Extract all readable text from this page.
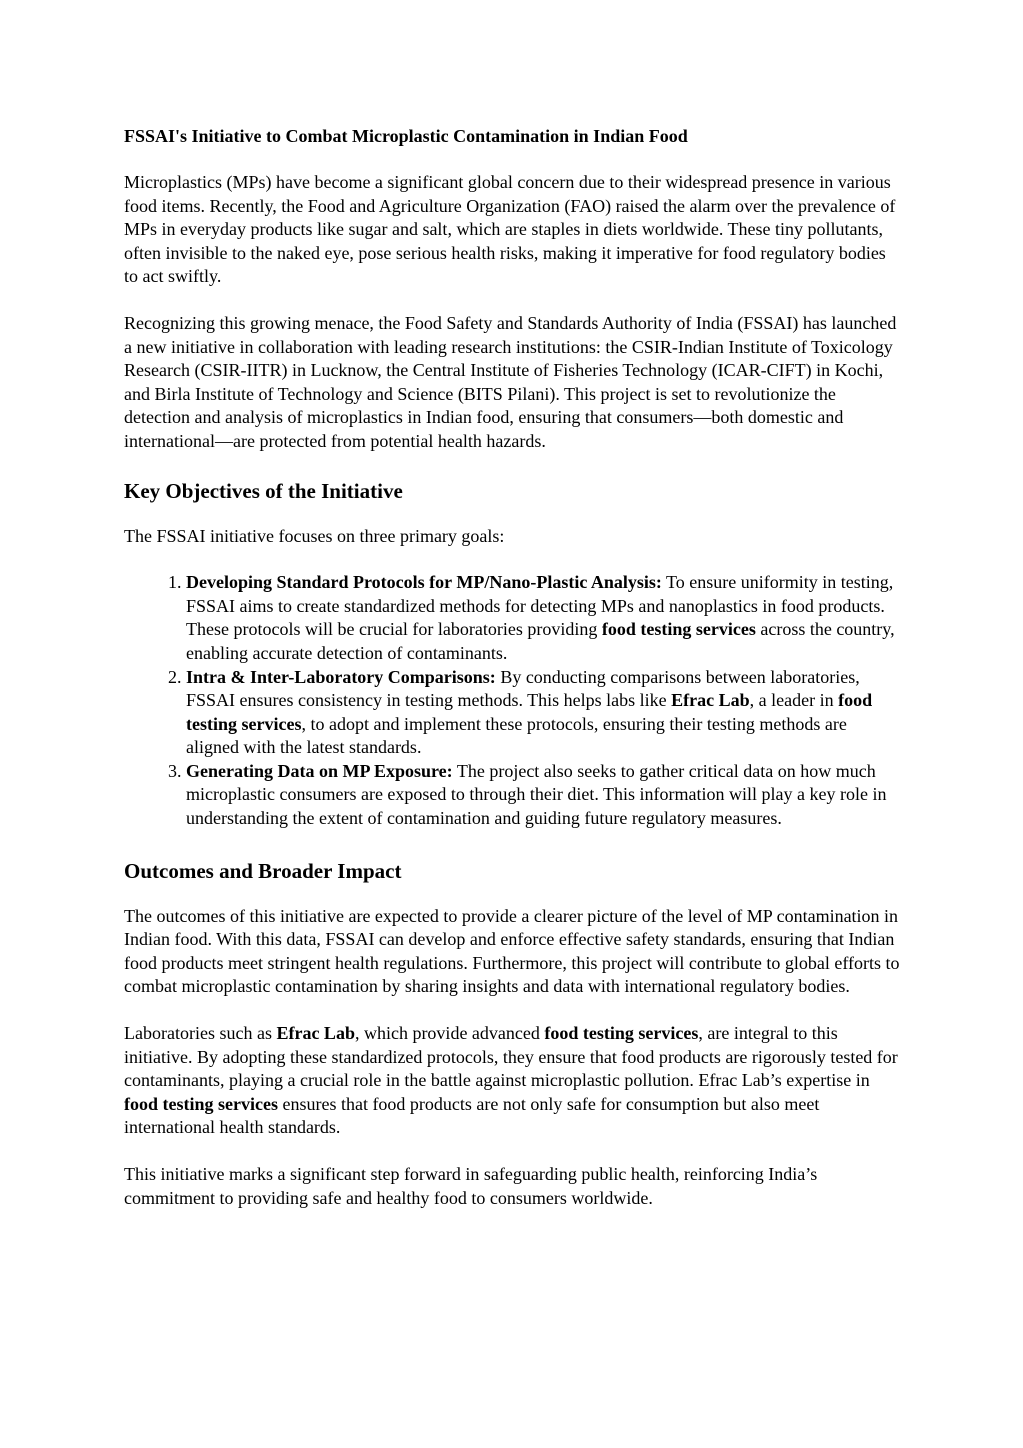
FSSAI's Initiative to Combat Microplastic Contamination in Indian Food

Microplastics (MPs) have become a significant global concern due to their widespread presence in various food items. Recently, the Food and Agriculture Organization (FAO) raised the alarm over the prevalence of MPs in everyday products like sugar and salt, which are staples in diets worldwide. These tiny pollutants, often invisible to the naked eye, pose serious health risks, making it imperative for food regulatory bodies to act swiftly.

Recognizing this growing menace, the Food Safety and Standards Authority of India (FSSAI) has launched a new initiative in collaboration with leading research institutions: the CSIR-Indian Institute of Toxicology Research (CSIR-IITR) in Lucknow, the Central Institute of Fisheries Technology (ICAR-CIFT) in Kochi, and Birla Institute of Technology and Science (BITS Pilani). This project is set to revolutionize the detection and analysis of microplastics in Indian food, ensuring that consumers—both domestic and international—are protected from potential health hazards.

Key Objectives of the Initiative

The FSSAI initiative focuses on three primary goals:

1. Developing Standard Protocols for MP/Nano-Plastic Analysis: To ensure uniformity in testing, FSSAI aims to create standardized methods for detecting MPs and nanoplastics in food products. These protocols will be crucial for laboratories providing food testing services across the country, enabling accurate detection of contaminants.
2. Intra & Inter-Laboratory Comparisons: By conducting comparisons between laboratories, FSSAI ensures consistency in testing methods. This helps labs like Efrac Lab, a leader in food testing services, to adopt and implement these protocols, ensuring their testing methods are aligned with the latest standards.
3. Generating Data on MP Exposure: The project also seeks to gather critical data on how much microplastic consumers are exposed to through their diet. This information will play a key role in understanding the extent of contamination and guiding future regulatory measures.
Outcomes and Broader Impact

The outcomes of this initiative are expected to provide a clearer picture of the level of MP contamination in Indian food. With this data, FSSAI can develop and enforce effective safety standards, ensuring that Indian food products meet stringent health regulations. Furthermore, this project will contribute to global efforts to combat microplastic contamination by sharing insights and data with international regulatory bodies.

Laboratories such as Efrac Lab, which provide advanced food testing services, are integral to this initiative. By adopting these standardized protocols, they ensure that food products are rigorously tested for contaminants, playing a crucial role in the battle against microplastic pollution. Efrac Lab’s expertise in food testing services ensures that food products are not only safe for consumption but also meet international health standards.

This initiative marks a significant step forward in safeguarding public health, reinforcing India’s commitment to providing safe and healthy food to consumers worldwide.
